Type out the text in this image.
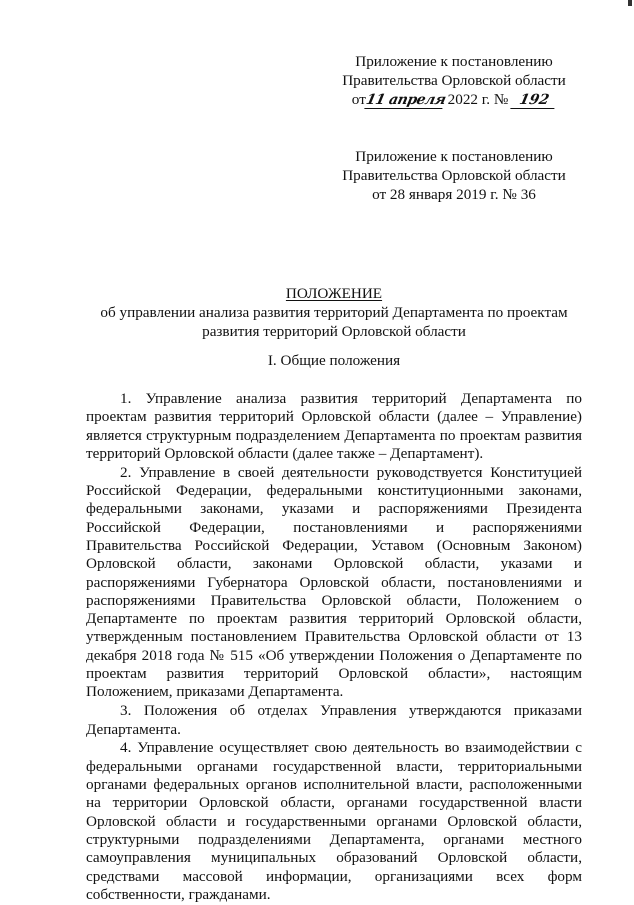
Приложение к постановлению
Правительства Орловской области
от11 апреля 2022 г. № 192
Приложение к постановлению
Правительства Орловской области
от 28 января 2019 г. № 36
ПОЛОЖЕНИЕ
об управлении анализа развития территорий Департамента по проектам
развития территорий Орловской области
I. Общие положения

1. Управление анализа развития территорий Департамента по проектам развития территорий Орловской области (далее – Управление) является структурным подразделением Департамента по проектам развития территорий Орловской области (далее также – Департамент).

2. Управление в своей деятельности руководствуется Конституцией Российской Федерации, федеральными конституционными законами, федеральными законами, указами и распоряжениями Президента Российской Федерации, постановлениями и распоряжениями Правительства Российской Федерации, Уставом (Основным Законом) Орловской области, законами Орловской области, указами и распоряжениями Губернатора Орловской области, постановлениями и распоряжениями Правительства Орловской области, Положением о Департаменте по проектам развития территорий Орловской области, утвержденным постановлением Правительства Орловской области от 13 декабря 2018 года № 515 «Об утверждении Положения о Департаменте по проектам развития территорий Орловской области», настоящим Положением, приказами Департамента.

3. Положения об отделах Управления утверждаются приказами Департамента.

4. Управление осуществляет свою деятельность во взаимодействии с федеральными органами государственной власти, территориальными органами федеральных органов исполнительной власти, расположенными на территории Орловской области, органами государственной власти Орловской области и государственными органами Орловской области, структурными подразделениями Департамента, органами местного самоуправления муниципальных образований Орловской области, средствами массовой информации, организациями всех форм собственности, гражданами.
